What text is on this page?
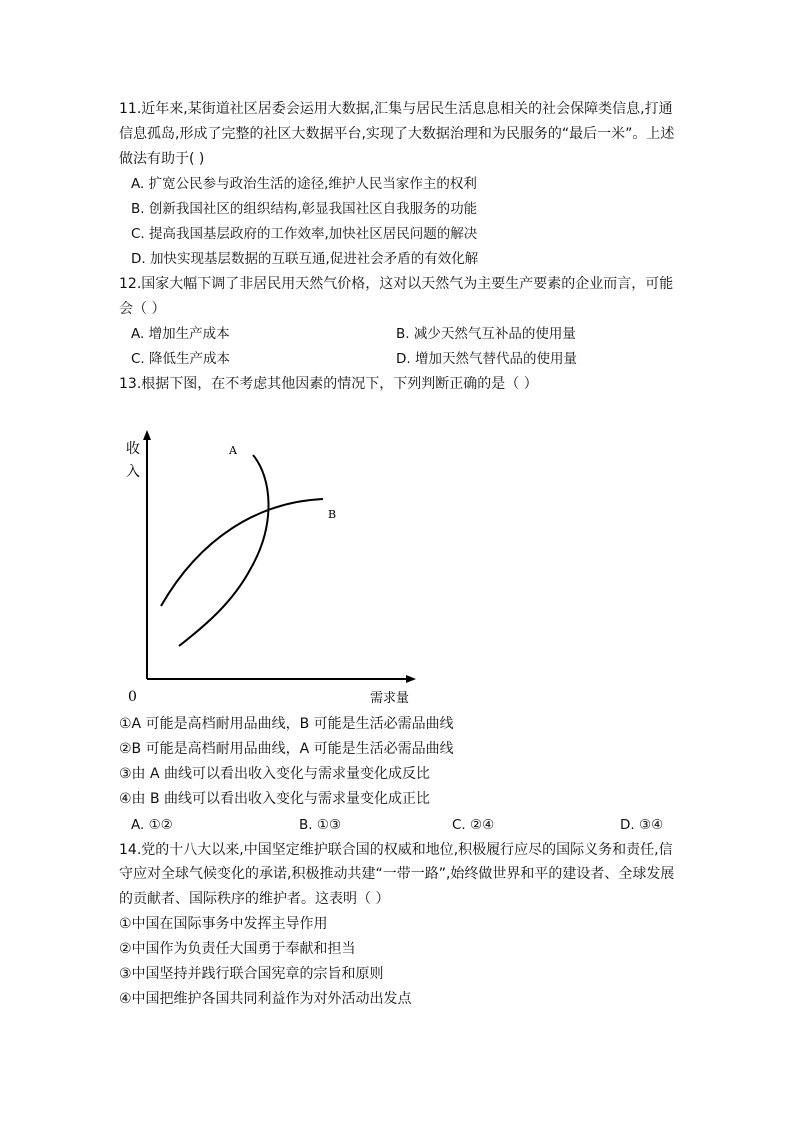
11.近年来,某街道社区居委会运用大数据,汇集与居民生活息息相关的社会保障类信息,打通
信息孤岛,形成了完整的社区大数据平台,实现了大数据治理和为民服务的“最后一米”。上述
做法有助于( )
A. 扩宽公民参与政治生活的途径,维护人民当家作主的权利
B. 创新我国社区的组织结构,彰显我国社区自我服务的功能
C. 提高我国基层政府的工作效率,加快社区居民问题的解决
D. 加快实现基层数据的互联互通,促进社会矛盾的有效化解
12.国家大幅下调了非居民用天然气价格，这对以天然气为主要生产要素的企业而言，可能
会（ ）
A. 增加生产成本	B. 减少天然气互补品的使用量
C. 降低生产成本	D. 增加天然气替代品的使用量
13.根据下图，在不考虑其他因素的情况下，下列判断正确的是（ ）
收
入
A
B
0	需求量
①A 可能是高档耐用品曲线，B 可能是生活必需品曲线
②B 可能是高档耐用品曲线，A 可能是生活必需品曲线
③由 A 曲线可以看出收入变化与需求量变化成反比
④由 B 曲线可以看出收入变化与需求量变化成正比
A. ①②	B. ①③	C. ②④	D. ③④
14.党的十八大以来,中国坚定维护联合国的权威和地位,积极履行应尽的国际义务和责任,信
守应对全球气候变化的承诺,积极推动共建“一带一路”,始终做世界和平的建设者、全球发展
的贡献者、国际秩序的维护者。这表明（ ）
①中国在国际事务中发挥主导作用
②中国作为负责任大国勇于奉献和担当
③中国坚持并践行联合国宪章的宗旨和原则
④中国把维护各国共同利益作为对外活动出发点
